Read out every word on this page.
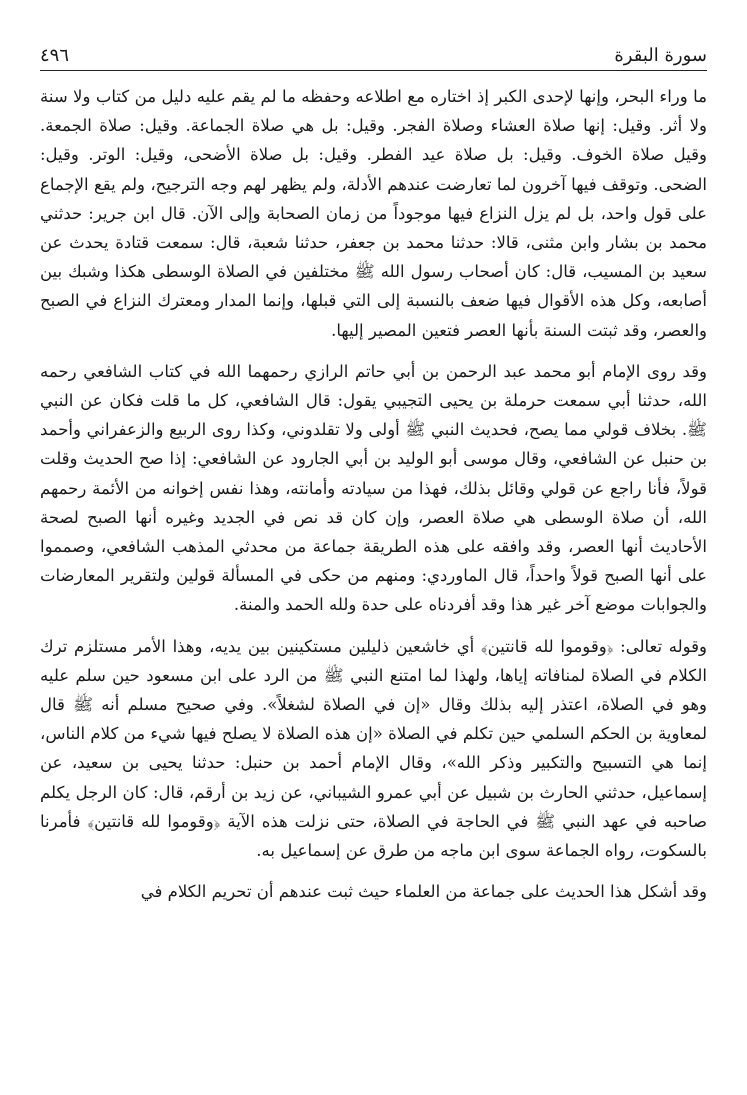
سورة البقرة
٤٩٦

ما وراء البحر، وإنها لإحدى الكبر إذ اختاره مع اطلاعه وحفظه ما لم يقم عليه دليل من كتاب ولا سنة ولا أثر. وقيل: إنها صلاة العشاء وصلاة الفجر. وقيل: بل هي صلاة الجماعة. وقيل: صلاة الجمعة. وقيل صلاة الخوف. وقيل: بل صلاة عيد الفطر. وقيل: بل صلاة الأضحى، وقيل: الوتر. وقيل: الضحى. وتوقف فيها آخرون لما تعارضت عندهم الأدلة، ولم يظهر لهم وجه الترجيح، ولم يقع الإجماع على قول واحد، بل لم يزل النزاع فيها موجوداً من زمان الصحابة وإلى الآن. قال ابن جرير: حدثني محمد بن بشار وابن مثنى، قالا: حدثنا محمد بن جعفر، حدثنا شعبة، قال: سمعت قتادة يحدث عن سعيد بن المسيب، قال: كان أصحاب رسول الله ﷺ مختلفين في الصلاة الوسطى هكذا وشبك بين أصابعه، وكل هذه الأقوال فيها ضعف بالنسبة إلى التي قبلها، وإنما المدار ومعترك النزاع في الصبح والعصر، وقد ثبتت السنة بأنها العصر فتعين المصير إليها.

وقد روى الإمام أبو محمد عبد الرحمن بن أبي حاتم الرازي رحمهما الله في كتاب الشافعي رحمه الله، حدثنا أبي سمعت حرملة بن يحيى التجيبي يقول: قال الشافعي، كل ما قلت فكان عن النبي ﷺ. بخلاف قولي مما يصح، فحديث النبي ﷺ أولى ولا تقلدوني، وكذا روى الربيع والزعفراني وأحمد بن حنبل عن الشافعي، وقال موسى أبو الوليد بن أبي الجارود عن الشافعي: إذا صح الحديث وقلت قولاً، فأنا راجع عن قولي وقائل بذلك، فهذا من سيادته وأمانته، وهذا نفس إخوانه من الأئمة رحمهم الله، أن صلاة الوسطى هي صلاة العصر، وإن كان قد نص في الجديد وغيره أنها الصبح لصحة الأحاديث أنها العصر، وقد وافقه على هذه الطريقة جماعة من محدثي المذهب الشافعي، وصمموا على أنها الصبح قولاً واحداً، قال الماوردي: ومنهم من حكى في المسألة قولين ولتقرير المعارضات والجوابات موضع آخر غير هذا وقد أفردناه على حدة ولله الحمد والمنة.

وقوله تعالى: ﴿وقوموا لله قانتين﴾ أي خاشعين ذليلين مستكينين بين يديه، وهذا الأمر مستلزم ترك الكلام في الصلاة لمنافاته إياها، ولهذا لما امتنع النبي ﷺ من الرد على ابن مسعود حين سلم عليه وهو في الصلاة، اعتذر إليه بذلك وقال «إن في الصلاة لشغلاً». وفي صحيح مسلم أنه ﷺ قال لمعاوية بن الحكم السلمي حين تكلم في الصلاة «إن هذه الصلاة لا يصلح فيها شيء من كلام الناس، إنما هي التسبيح والتكبير وذكر الله»، وقال الإمام أحمد بن حنبل: حدثنا يحيى بن سعيد، عن إسماعيل، حدثني الحارث بن شبيل عن أبي عمرو الشيباني، عن زيد بن أرقم، قال: كان الرجل يكلم صاحبه في عهد النبي ﷺ في الحاجة في الصلاة، حتى نزلت هذه الآية ﴿وقوموا لله قانتين﴾ فأمرنا بالسكوت، رواه الجماعة سوى ابن ماجه من طرق عن إسماعيل به.

وقد أشكل هذا الحديث على جماعة من العلماء حيث ثبت عندهم أن تحريم الكلام في
